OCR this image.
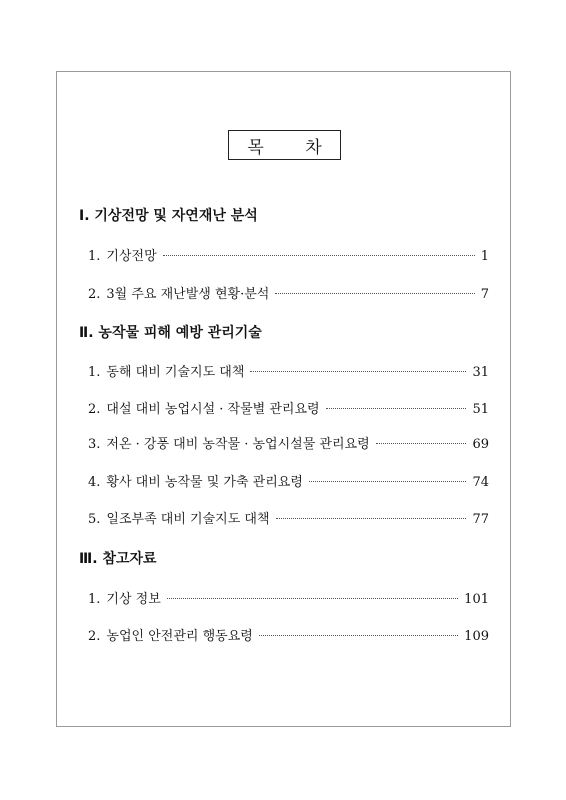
목 차
Ⅰ. 기상전망 및 자연재난 분석
1. 기상전망	1
2. 3월 주요 재난발생 현황·분석	7
Ⅱ. 농작물 피해 예방 관리기술
1. 동해 대비 기술지도 대책	31
2. 대설 대비 농업시설 · 작물별 관리요령	51
3. 저온 · 강풍 대비 농작물 · 농업시설물 관리요령	69
4. 황사 대비 농작물 및 가축 관리요령	74
5. 일조부족 대비 기술지도 대책	77
Ⅲ. 참고자료
1. 기상 정보	101
2. 농업인 안전관리 행동요령	109
